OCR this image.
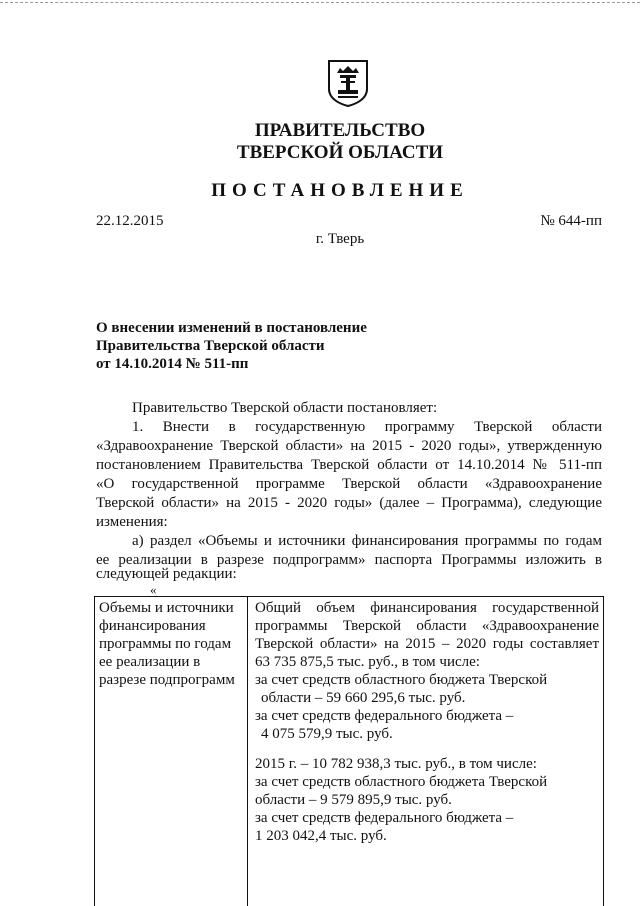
ПРАВИТЕЛЬСТВО
ТВЕРСКОЙ ОБЛАСТИ
ПОСТАНОВЛЕНИЕ
22.12.2015	№ 644-пп
г. Тверь
О внесении изменений в постановление
Правительства Тверской области
от 14.10.2014 № 511-пп
Правительство Тверской области постановляет:
1. Внести в государственную программу Тверской области
«Здравоохранение Тверской области» на 2015 - 2020 годы», утвержденную
постановлением Правительства Тверской области от 14.10.2014 № 511-пп
«О государственной программе Тверской области «Здравоохранение
Тверской области» на 2015 - 2020 годы» (далее – Программа), следующие
изменения:
а) раздел «Объемы и источники финансирования программы по годам
ее реализации в разрезе подпрограмм» паспорта Программы изложить в
следующей редакции:
«
Объемы и источники
финансирования
программы по годам
ее реализации в
разрезе подпрограмм
Общий объем финансирования государственной
программы Тверской области «Здравоохранение
Тверской области» на 2015 – 2020 годы составляет
63 735 875,5 тыс. руб., в том числе:
за счет средств областного бюджета Тверской
области – 59 660 295,6 тыс. руб.
за счет средств федерального бюджета –
4 075 579,9 тыс. руб.
2015 г. – 10 782 938,3 тыс. руб., в том числе:
за счет средств областного бюджета Тверской
области – 9 579 895,9 тыс. руб.
за счет средств федерального бюджета –
1 203 042,4 тыс. руб.
